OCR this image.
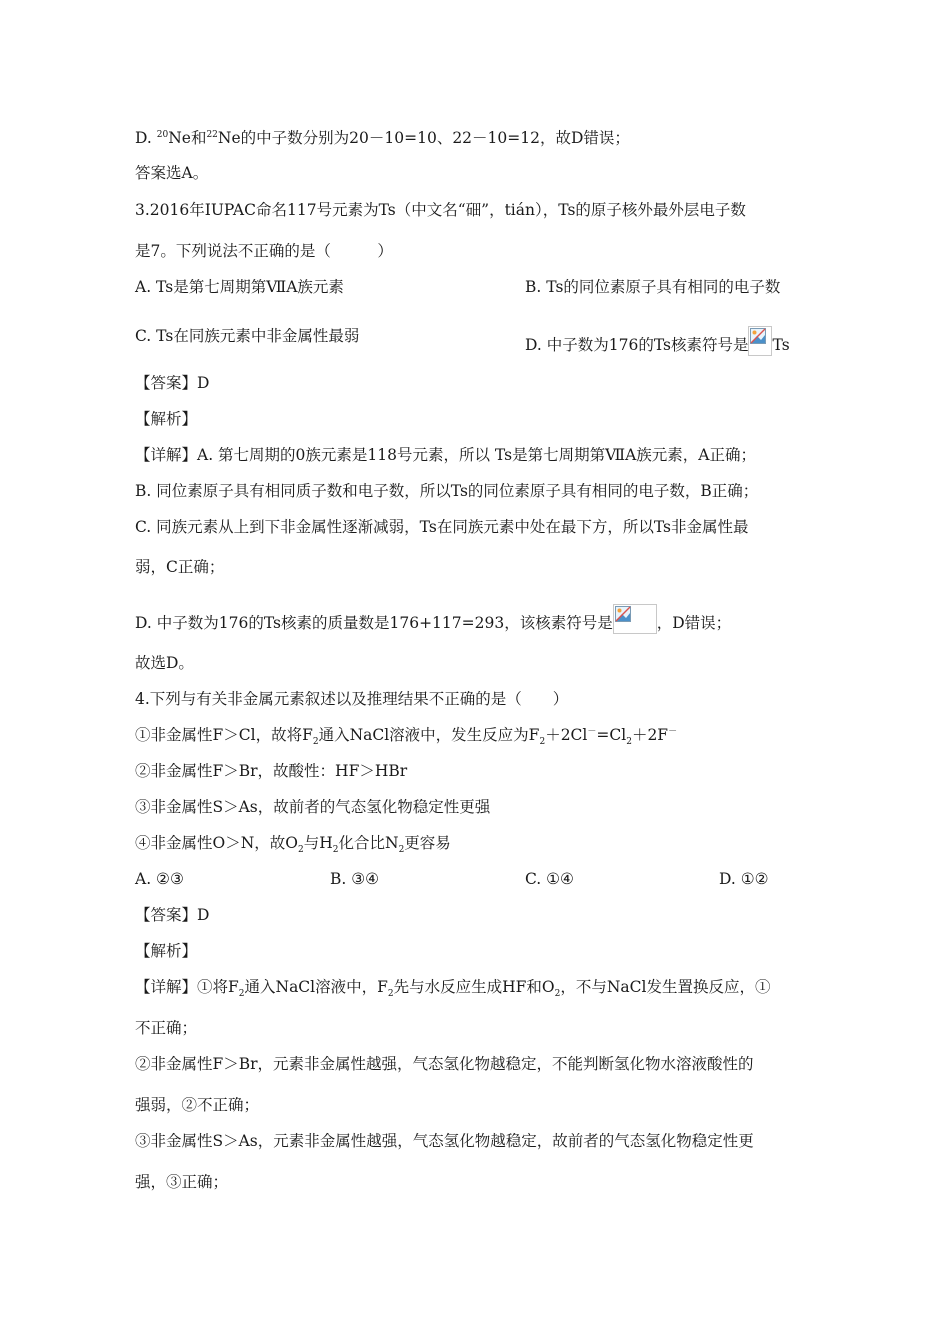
D. $^{20}$Ne和$^{22}$Ne的中子数分别为20－10=10、22－10=12，故D错误；
答案选A。
3.2016年IUPAC命名117号元素为Ts（中文名“鿬”，tián），Ts的原子核外最外层电子数
是7。下列说法不正确的是（　　　）
A. Ts是第七周期第ⅦA族元素	B. Ts的同位素原子具有相同的电子数
C. Ts在同族元素中非金属性最弱	D. 中子数为176的Ts核素符号是 Ts
【答案】D
【解析】
【详解】A. 第七周期的0族元素是118号元素，所以 Ts是第七周期第ⅦA族元素，A正确；
B. 同位素原子具有相同质子数和电子数，所以Ts的同位素原子具有相同的电子数，B正确；
C. 同族元素从上到下非金属性逐渐减弱，Ts在同族元素中处在最下方，所以Ts非金属性最
弱，C正确；
D. 中子数为176的Ts核素的质量数是176+117=293，该核素符号是	，D错误；
故选D。
4.下列与有关非金属元素叙述以及推理结果不正确的是（　　）
①非金属性F＞Cl，故将$F_2$通入NaCl溶液中，发生反应为$F_2+2Cl^-=Cl_2+2F^-$
②非金属性F＞Br，故酸性：HF＞HBr
③非金属性S＞As，故前者的气态氢化物稳定性更强
④非金属性O＞N，故$O_2$与$H_2$化合比$N_2$更容易
A. ②③	B. ③④	C. ①④	D. ①②
【答案】D
【解析】
【详解】①将$F_2$通入NaCl溶液中，$F_2$先与水反应生成HF和$O_2$，不与NaCl发生置换反应，①
不正确；
②非金属性F＞Br，元素非金属性越强，气态氢化物越稳定，不能判断氢化物水溶液酸性的
强弱，②不正确；
③非金属性S＞As，元素非金属性越强，气态氢化物越稳定，故前者的气态氢化物稳定性更
强，③正确；
